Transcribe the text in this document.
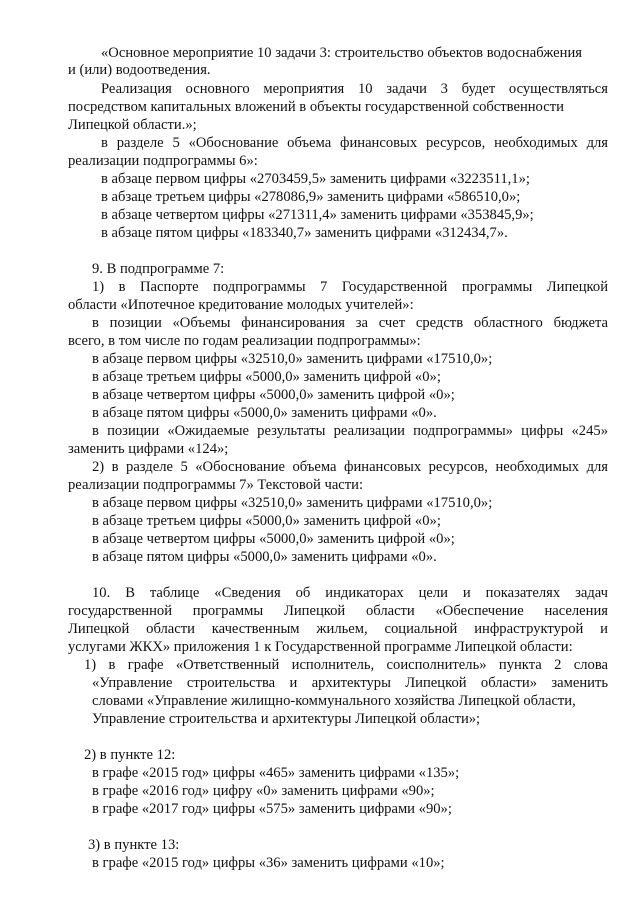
«Основное мероприятие 10 задачи 3: строительство объектов водоснабжения
и (или) водоотведения.
Реализация основного мероприятия 10 задачи 3 будет осуществляться
посредством капитальных вложений в объекты государственной собственности
Липецкой области.»;
в разделе 5 «Обоснование объема финансовых ресурсов, необходимых для
реализации подпрограммы 6»:
в абзаце первом цифры «2703459,5» заменить цифрами «3223511,1»;
в абзаце третьем цифры «278086,9» заменить цифрами «586510,0»;
в абзаце четвертом цифры «271311,4» заменить цифрами «353845,9»;
в абзаце пятом цифры «183340,7» заменить цифрами «312434,7».
9. В подпрограмме 7:
1) в Паспорте подпрограммы 7 Государственной программы Липецкой
области «Ипотечное кредитование молодых учителей»:
в позиции «Объемы финансирования за счет средств областного бюджета
всего, в том числе по годам реализации подпрограммы»:
в абзаце первом цифры «32510,0» заменить цифрами «17510,0»;
в абзаце третьем цифры «5000,0» заменить цифрой «0»;
в абзаце четвертом цифры «5000,0» заменить цифрой «0»;
в абзаце пятом цифры «5000,0» заменить цифрами «0».
в позиции «Ожидаемые результаты реализации подпрограммы» цифры «245»
заменить цифрами «124»;
2) в разделе 5 «Обоснование объема финансовых ресурсов, необходимых для
реализации подпрограммы 7» Текстовой части:
в абзаце первом цифры «32510,0» заменить цифрами «17510,0»;
в абзаце третьем цифры «5000,0» заменить цифрой «0»;
в абзаце четвертом цифры «5000,0» заменить цифрой «0»;
в абзаце пятом цифры «5000,0» заменить цифрами «0».
10. В таблице «Сведения об индикаторах цели и показателях задач
государственной программы Липецкой области «Обеспечение населения
Липецкой области качественным жильем, социальной инфраструктурой и
услугами ЖКХ» приложения 1 к Государственной программе Липецкой области:
1) в графе «Ответственный исполнитель, соисполнитель» пункта 2 слова
«Управление строительства и архитектуры Липецкой области» заменить
словами «Управление жилищно-коммунального хозяйства Липецкой области,
Управление строительства и архитектуры Липецкой области»;
2) в пункте 12:
в графе «2015 год» цифры «465» заменить цифрами «135»;
в графе «2016 год» цифру «0» заменить цифрами «90»;
в графе «2017 год» цифры «575» заменить цифрами «90»;
3) в пункте 13:
в графе «2015 год» цифры «36» заменить цифрами «10»;
